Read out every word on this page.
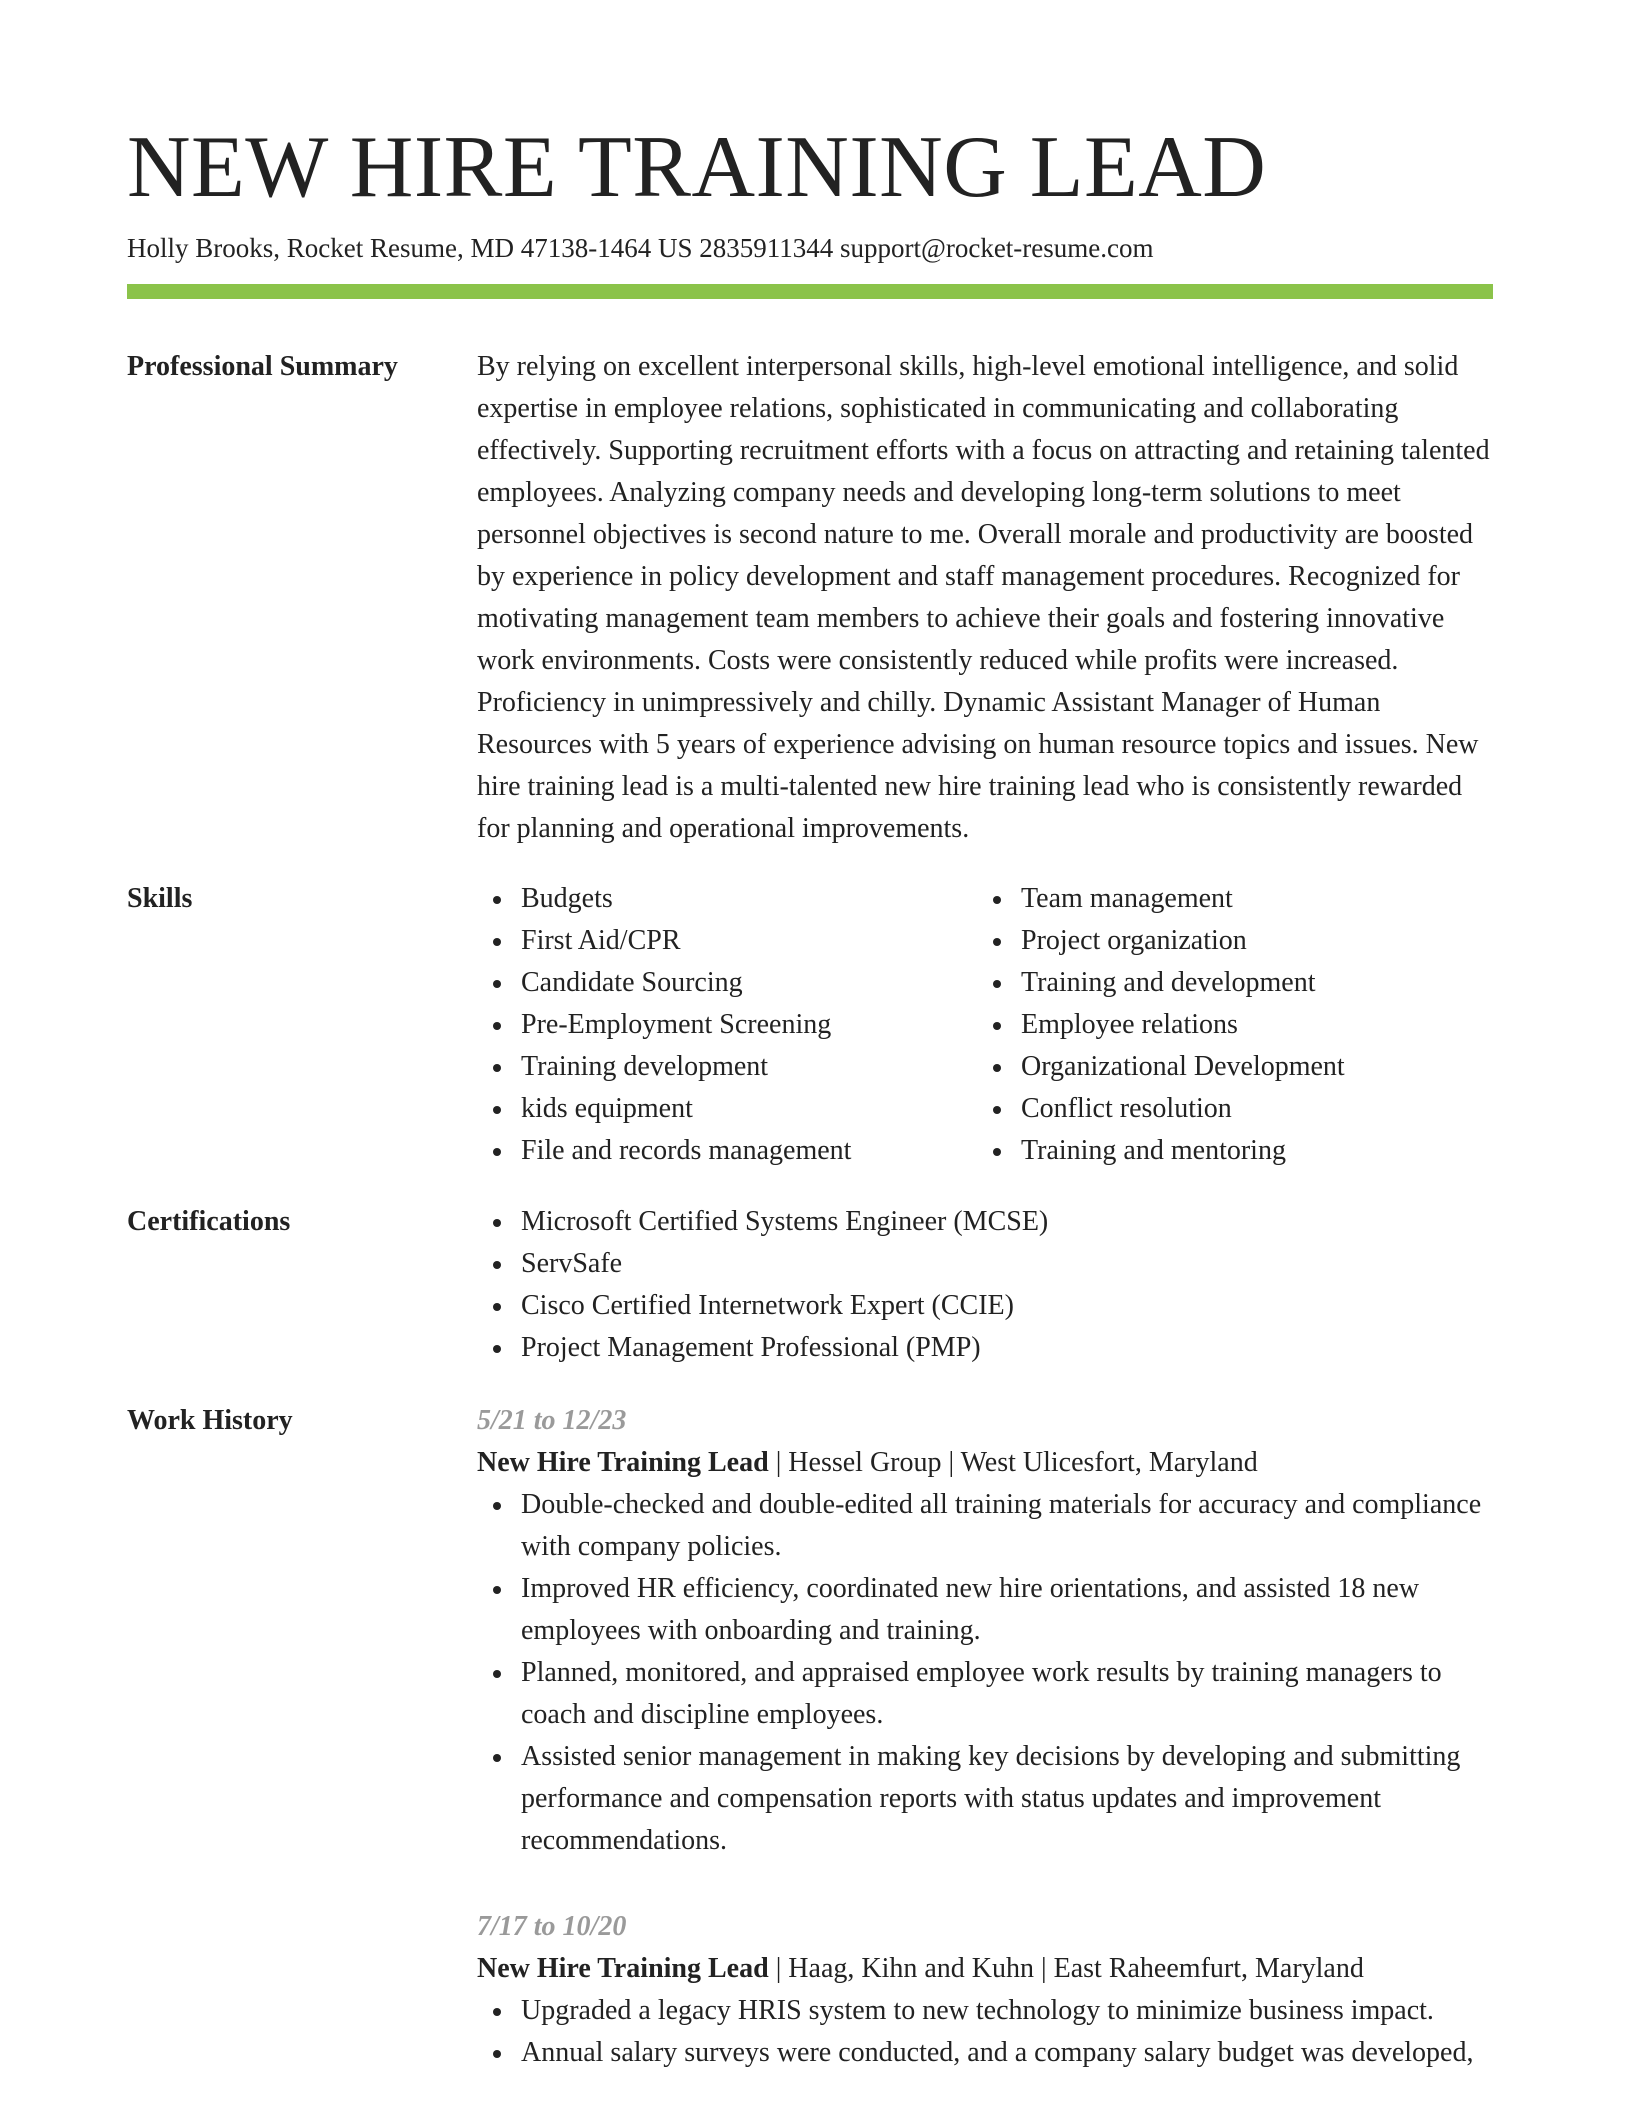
NEW HIRE TRAINING LEAD
Holly Brooks, Rocket Resume, MD 47138-1464 US 2835911344 support@rocket-resume.com
Professional Summary	By relying on excellent interpersonal skills, high-level emotional intelligence, and solid expertise in employee relations, sophisticated in communicating and collaborating effectively. Supporting recruitment efforts with a focus on attracting and retaining talented employees. Analyzing company needs and developing long-term solutions to meet personnel objectives is second nature to me. Overall morale and productivity are boosted by experience in policy development and staff management procedures. Recognized for motivating management team members to achieve their goals and fostering innovative work environments. Costs were consistently reduced while profits were increased. Proficiency in unimpressively and chilly. Dynamic Assistant Manager of Human Resources with 5 years of experience advising on human resource topics and issues. New hire training lead is a multi-talented new hire training lead who is consistently rewarded for planning and operational improvements.

Skills	Budgets
First Aid/CPR
Candidate Sourcing
Pre-Employment Screening
Training development
kids equipment
File and records management
Team management
Project organization
Training and development
Employee relations
Organizational Development
Conflict resolution
Training and mentoring
Certifications	Microsoft Certified Systems Engineer (MCSE)
ServSafe
Cisco Certified Internetwork Expert (CCIE)
Project Management Professional (PMP)
Work History	5/21 to 12/23
New Hire Training Lead | Hessel Group | West Ulicesfort, Maryland
Double-checked and double-edited all training materials for accuracy and compliance with company policies.
Improved HR efficiency, coordinated new hire orientations, and assisted 18 new employees with onboarding and training.
Planned, monitored, and appraised employee work results by training managers to coach and discipline employees.
Assisted senior management in making key decisions by developing and submitting performance and compensation reports with status updates and improvement recommendations.
7/17 to 10/20
New Hire Training Lead | Haag, Kihn and Kuhn | East Raheemfurt, Maryland
Upgraded a legacy HRIS system to new technology to minimize business impact.
Annual salary surveys were conducted, and a company salary budget was developed,
